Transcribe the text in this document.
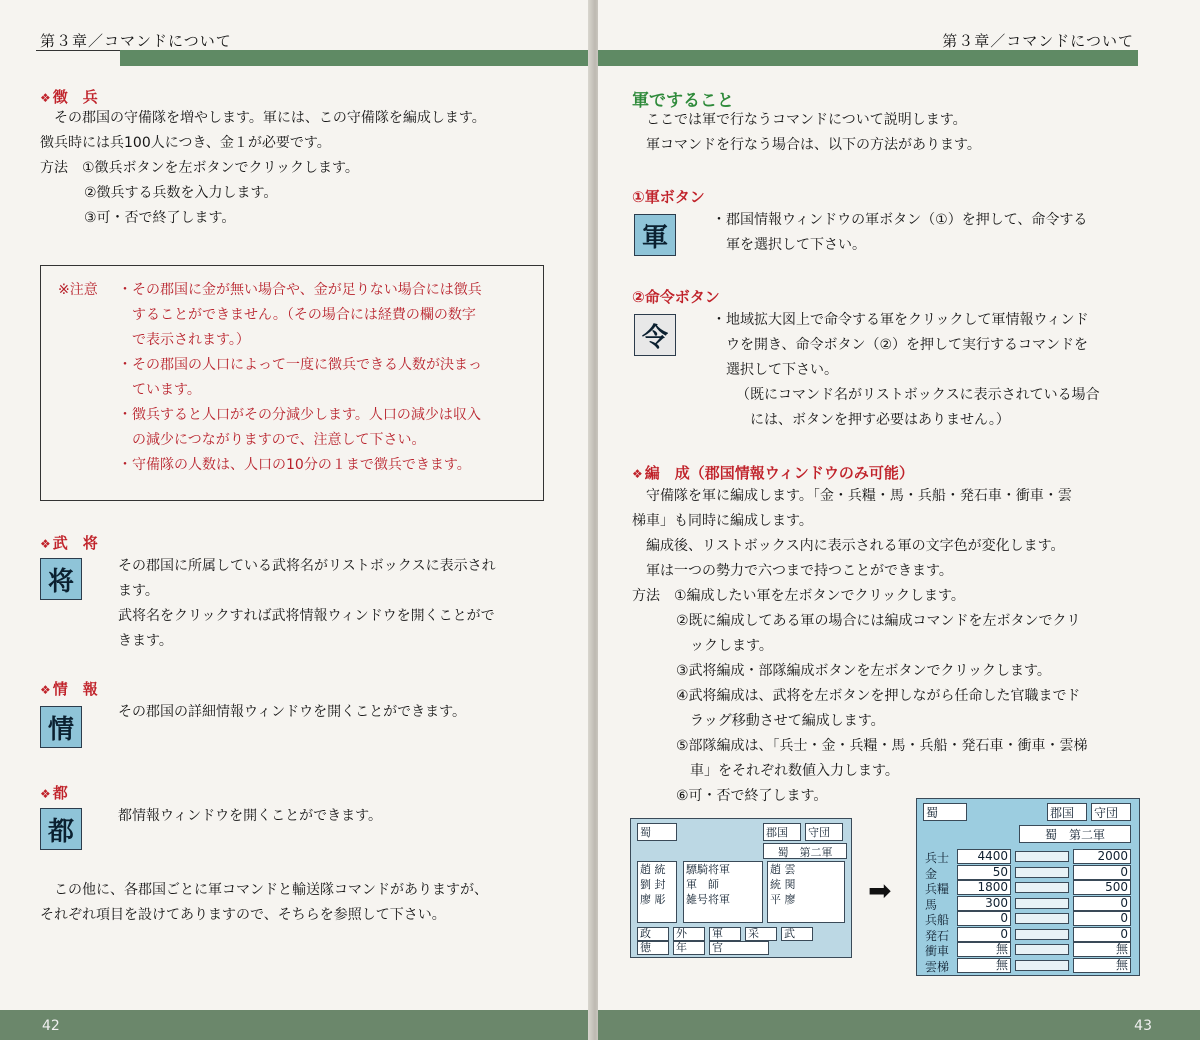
第３章／コマンドについて
❖ 徴　兵
その郡国の守備隊を増やします。軍には、この守備隊を編成します。
徴兵時には兵100人につき、金１が必要です。
方法　①徴兵ボタンを左ボタンでクリックします。
②徴兵する兵数を入力します。
③可・否で終了します。
※注意 ・その郡国に金が無い場合や、金が足りない場合には徴兵
することができません。（その場合には経費の欄の数字
で表示されます。）
・その郡国の人口によって一度に徴兵できる人数が決まっ
ています。
・徴兵すると人口がその分減少します。人口の減少は収入
の減少につながりますので、注意して下さい。
・守備隊の人数は、人口の10分の１まで徴兵できます。
❖ 武　将
将
その郡国に所属している武将名がリストボックスに表示され
ます。
武将名をクリックすれば武将情報ウィンドウを開くことがで
きます。
❖ 情　報
情
その郡国の詳細情報ウィンドウを開くことができます。
❖ 都
都
都情報ウィンドウを開くことができます。
この他に、各郡国ごとに軍コマンドと輸送隊コマンドがありますが、
それぞれ項目を設けてありますので、そちらを参照して下さい。
42
第３章／コマンドについて
軍ですること
ここでは軍で行なうコマンドについて説明します。
軍コマンドを行なう場合は、以下の方法があります。
①軍ボタン
軍
・郡国情報ウィンドウの軍ボタン（①）を押して、命令する
軍を選択して下さい。
②命令ボタン
令
・地域拡大図上で命令する軍をクリックして軍情報ウィンド
ウを開き、命令ボタン（②）を押して実行するコマンドを
選択して下さい。
（既にコマンド名がリストボックスに表示されている場合
には、ボタンを押す必要はありません。）
❖ 編　成（郡国情報ウィンドウのみ可能）
守備隊を軍に編成します。「金・兵糧・馬・兵船・発石車・衝車・雲
梯車」も同時に編成します。
編成後、リストボックス内に表示される軍の文字色が変化します。
軍は一つの勢力で六つまで持つことができます。
方法　①編成したい軍を左ボタンでクリックします。
②既に編成してある軍の場合には編成コマンドを左ボタンでクリ
ックします。
③武将編成・部隊編成ボタンを左ボタンでクリックします。
④武将編成は、武将を左ボタンを押しながら任命した官職までド
ラッグ移動させて編成します。
⑤部隊編成は、「兵士・金・兵糧・馬・兵船・発石車・衝車・雲梯
車」をそれぞれ数値入力します。
⑥可・否で終了します。
43
蜀	郡国	守団
蜀　第二軍
趙 統
劉 封
廖 彫
驃騎将軍
軍　師
雑号将軍
趙 雲
統 関
平 廖
政	外	軍	采	武
徳	年	官
➡
蜀	郡国	守団
蜀　第二軍
兵士	4400	2000
金	50	0
兵糧	1800	500
馬	300	0
兵船	0	0
発石	0	0
衝車	無	無
雲梯	無	無
